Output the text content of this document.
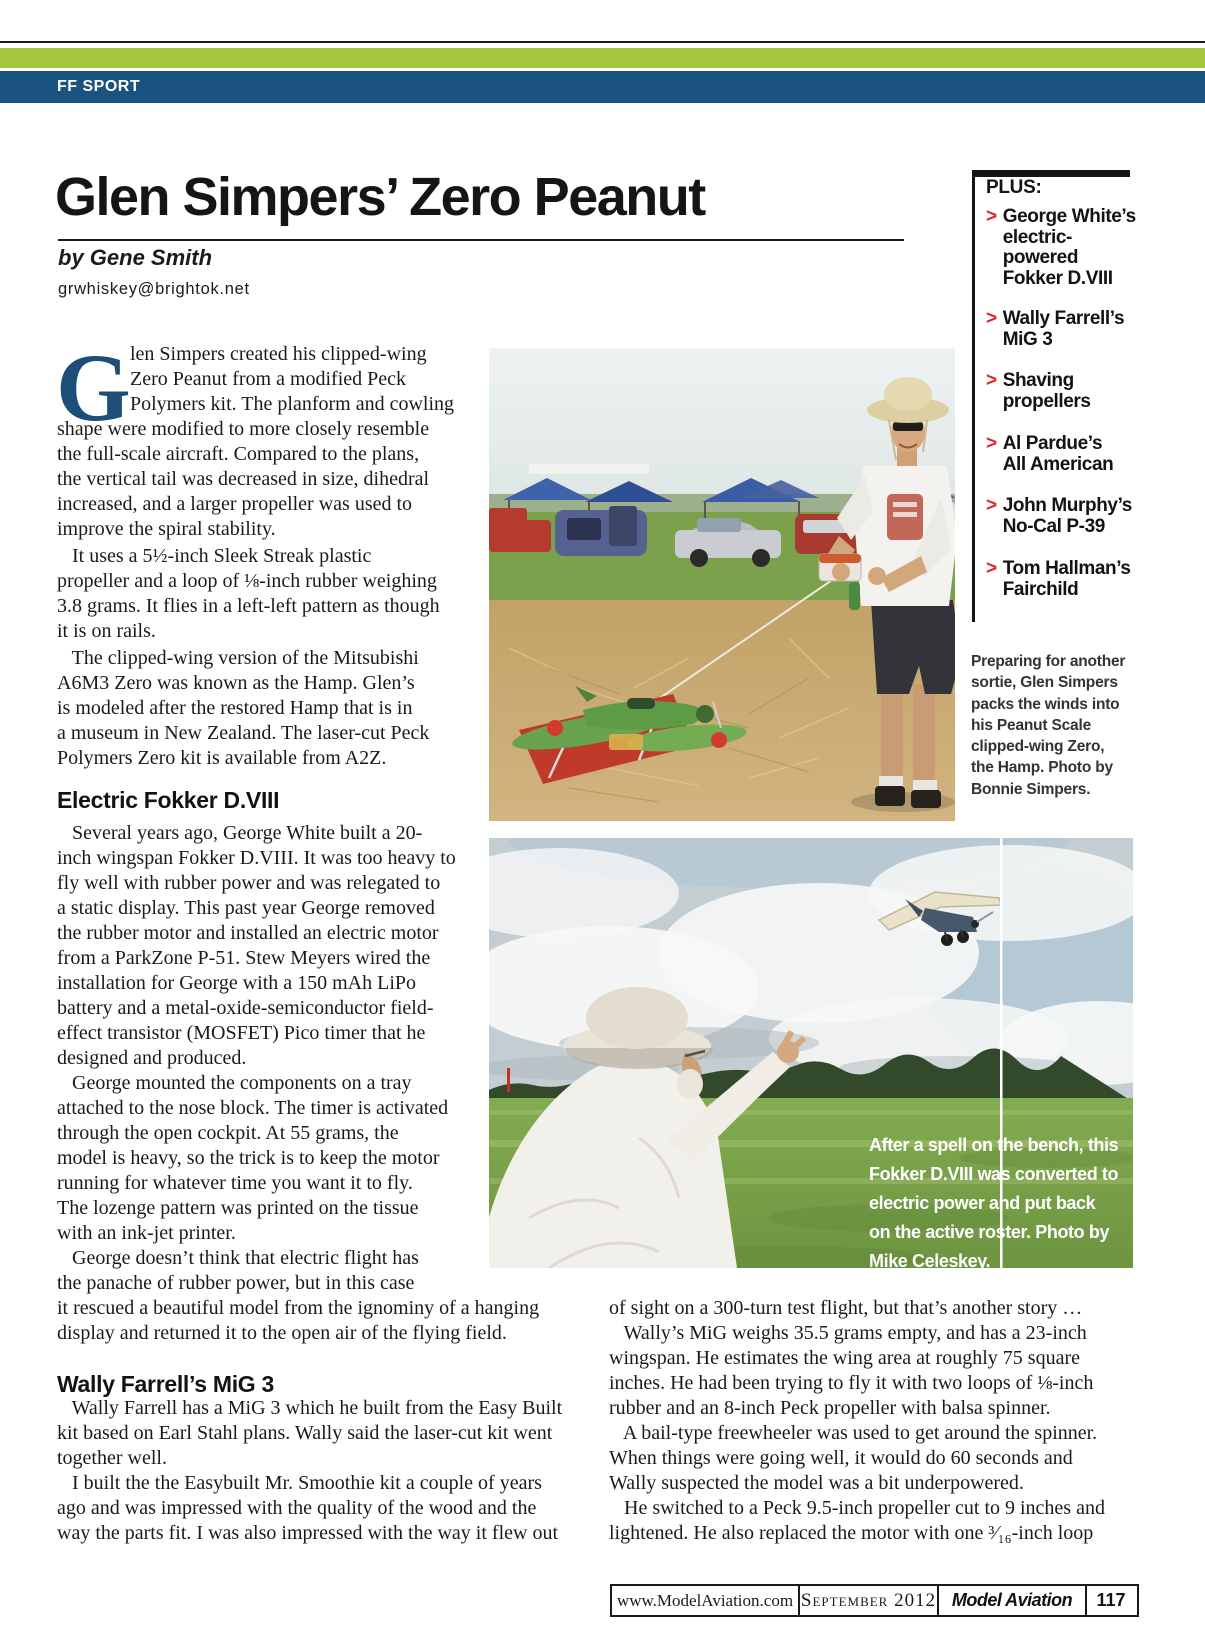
FF SPORT
Glen Simpers’ Zero Peanut
by Gene Smith
grwhiskey@brightok.net
PLUS:
> George White’s
electric-
powered
Fokker D.VIII
> Wally Farrell’s
MiG 3
> Shaving
propellers
> Al Pardue’s
All American
> John Murphy’s
No-Cal P-39
> Tom Hallman’s
Fairchild
Preparing for another
sortie, Glen Simpers
packs the winds into
his Peanut Scale
clipped-wing Zero,
the Hamp. Photo by
Bonnie Simpers.
After a spell on the bench, this
Fokker D.VIII was converted to
electric power and put back
on the active roster. Photo by
Mike Celeskey.
G len Simpers created his clipped-wing
Zero Peanut from a modified Peck
Polymers kit. The planform and cowling
shape were modified to more closely resemble
the full-scale aircraft. Compared to the plans,
the vertical tail was decreased in size, dihedral
increased, and a larger propeller was used to
improve the spiral stability.
It uses a 5½-inch Sleek Streak plastic
propeller and a loop of ⅛-inch rubber weighing
3.8 grams. It flies in a left-left pattern as though
it is on rails.
The clipped-wing version of the Mitsubishi
A6M3 Zero was known as the Hamp. Glen’s
is modeled after the restored Hamp that is in
a museum in New Zealand. The laser-cut Peck
Polymers Zero kit is available from A2Z.
Electric Fokker D.VIII
Several years ago, George White built a 20-
inch wingspan Fokker D.VIII. It was too heavy to
fly well with rubber power and was relegated to
a static display. This past year George removed
the rubber motor and installed an electric motor
from a ParkZone P-51. Stew Meyers wired the
installation for George with a 150 mAh LiPo
battery and a metal-oxide-semiconductor field-
effect transistor (MOSFET) Pico timer that he
designed and produced.
George mounted the components on a tray
attached to the nose block. The timer is activated
through the open cockpit. At 55 grams, the
model is heavy, so the trick is to keep the motor
running for whatever time you want it to fly.
The lozenge pattern was printed on the tissue
with an ink-jet printer.
George doesn’t think that electric flight has
the panache of rubber power, but in this case
it rescued a beautiful model from the ignominy of a hanging
display and returned it to the open air of the flying field.
Wally Farrell’s MiG 3
Wally Farrell has a MiG 3 which he built from the Easy Built
kit based on Earl Stahl plans. Wally said the laser-cut kit went
together well.
I built the the Easybuilt Mr. Smoothie kit a couple of years
ago and was impressed with the quality of the wood and the
way the parts fit. I was also impressed with the way it flew out
of sight on a 300-turn test flight, but that’s another story …
Wally’s MiG weighs 35.5 grams empty, and has a 23-inch
wingspan. He estimates the wing area at roughly 75 square
inches. He had been trying to fly it with two loops of ⅛-inch
rubber and an 8-inch Peck propeller with balsa spinner.
A bail-type freewheeler was used to get around the spinner.
When things were going well, it would do 60 seconds and
Wally suspected the model was a bit underpowered.
He switched to a Peck 9.5-inch propeller cut to 9 inches and
lightened. He also replaced the motor with one ³⁄₁₆-inch loop
www.ModelAviation.com September 2012 Model Aviation	117
